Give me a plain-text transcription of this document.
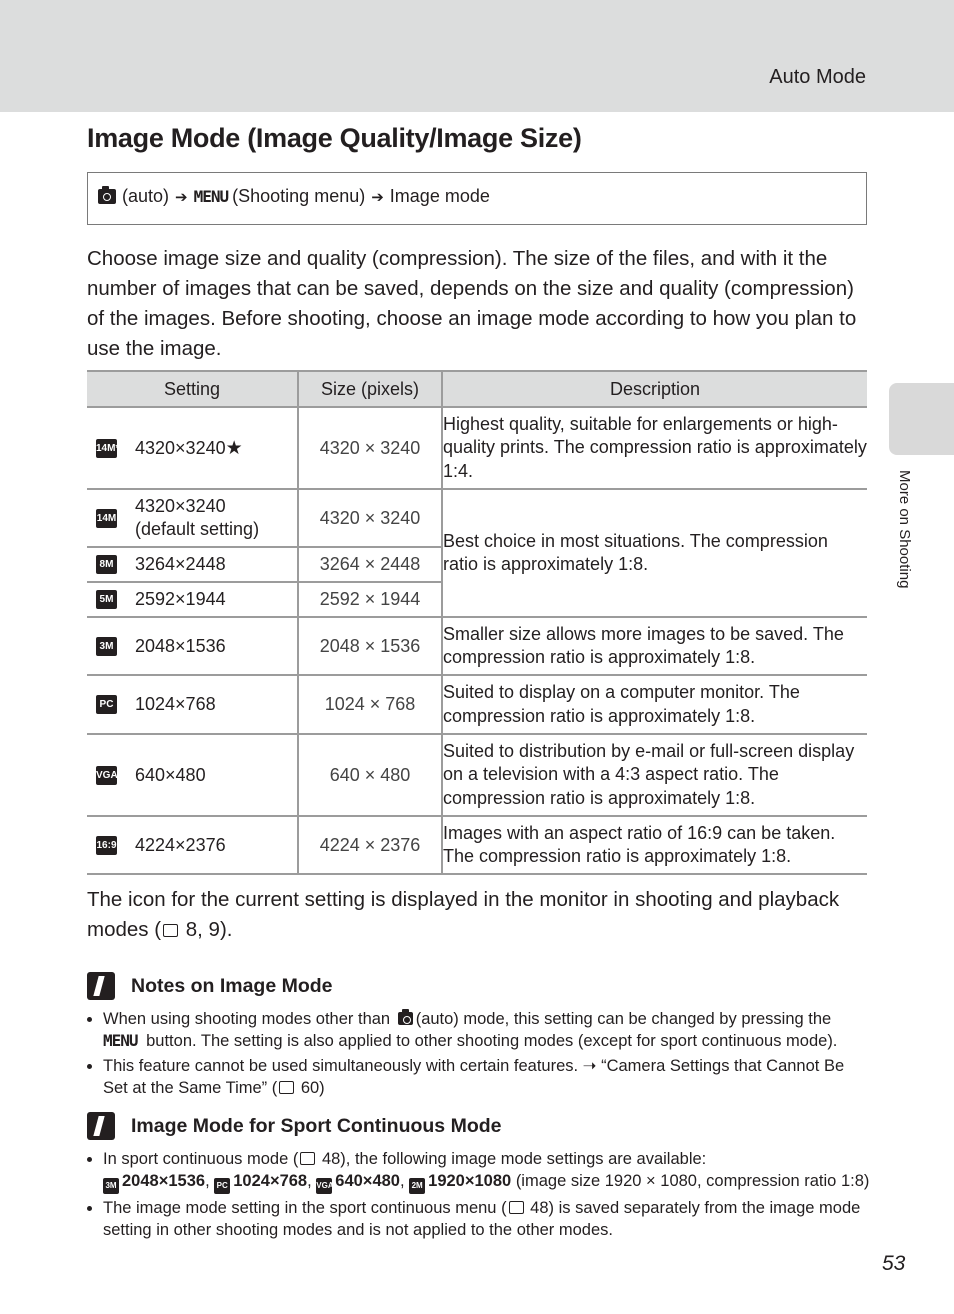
Auto Mode
Image Mode (Image Quality/Image Size)
(auto) ➔ MENU (Shooting menu) ➔ Image mode

Choose image size and quality (compression). The size of the files, and with it the number of images that can be saved, depends on the size and quality (compression) of the images. Before shooting, choose an image mode according to how you plan to use the image.

Setting	Size (pixels)	Description

14M* 4320×3240 ★	4320 × 3240	Highest quality, suitable for enlargements or high-quality prints. The compression ratio is approximately 1:4.

14M
4320×3240
(default setting)	4320 × 3240	Best choice in most situations. The compression ratio is approximately 1:8.

8M 3264×2448	3264 × 2448	

5M 2592×1944	2592 × 1944	

3M 2048×1536	2048 × 1536	Smaller size allows more images to be saved. The compression ratio is approximately 1:8.

PC 1024×768	1024 × 768	Suited to display on a computer monitor. The compression ratio is approximately 1:8.

VGA 640×480	640 × 480	Suited to distribution by e-mail or full-screen display on a television with a 4:3 aspect ratio. The compression ratio is approximately 1:8.

16:9 4224×2376	4224 × 2376	Images with an aspect ratio of 16:9 can be taken. The compression ratio is approximately 1:8.

The icon for the current setting is displayed in the monitor in shooting and playback modes ( 8, 9).

Notes on Image Mode
• When using shooting modes other than (auto) mode, this setting can be changed by pressing the MENU button. The setting is also applied to other shooting modes (except for sport continuous mode).
• This feature cannot be used simultaneously with certain features. ➝ “Camera Settings that Cannot Be Set at the Same Time” ( 60)
Image Mode for Sport Continuous Mode
• In sport continuous mode ( 48), the following image mode settings are available:
3M 2048×1536, PC 1024×768, VGA 640×480, 2M 1920×1080 (image size 1920 × 1080, compression ratio 1:8)
• The image mode setting in the sport continuous menu ( 48) is saved separately from the image mode setting in other shooting modes and is not applied to the other modes.
More on Shooting
53
